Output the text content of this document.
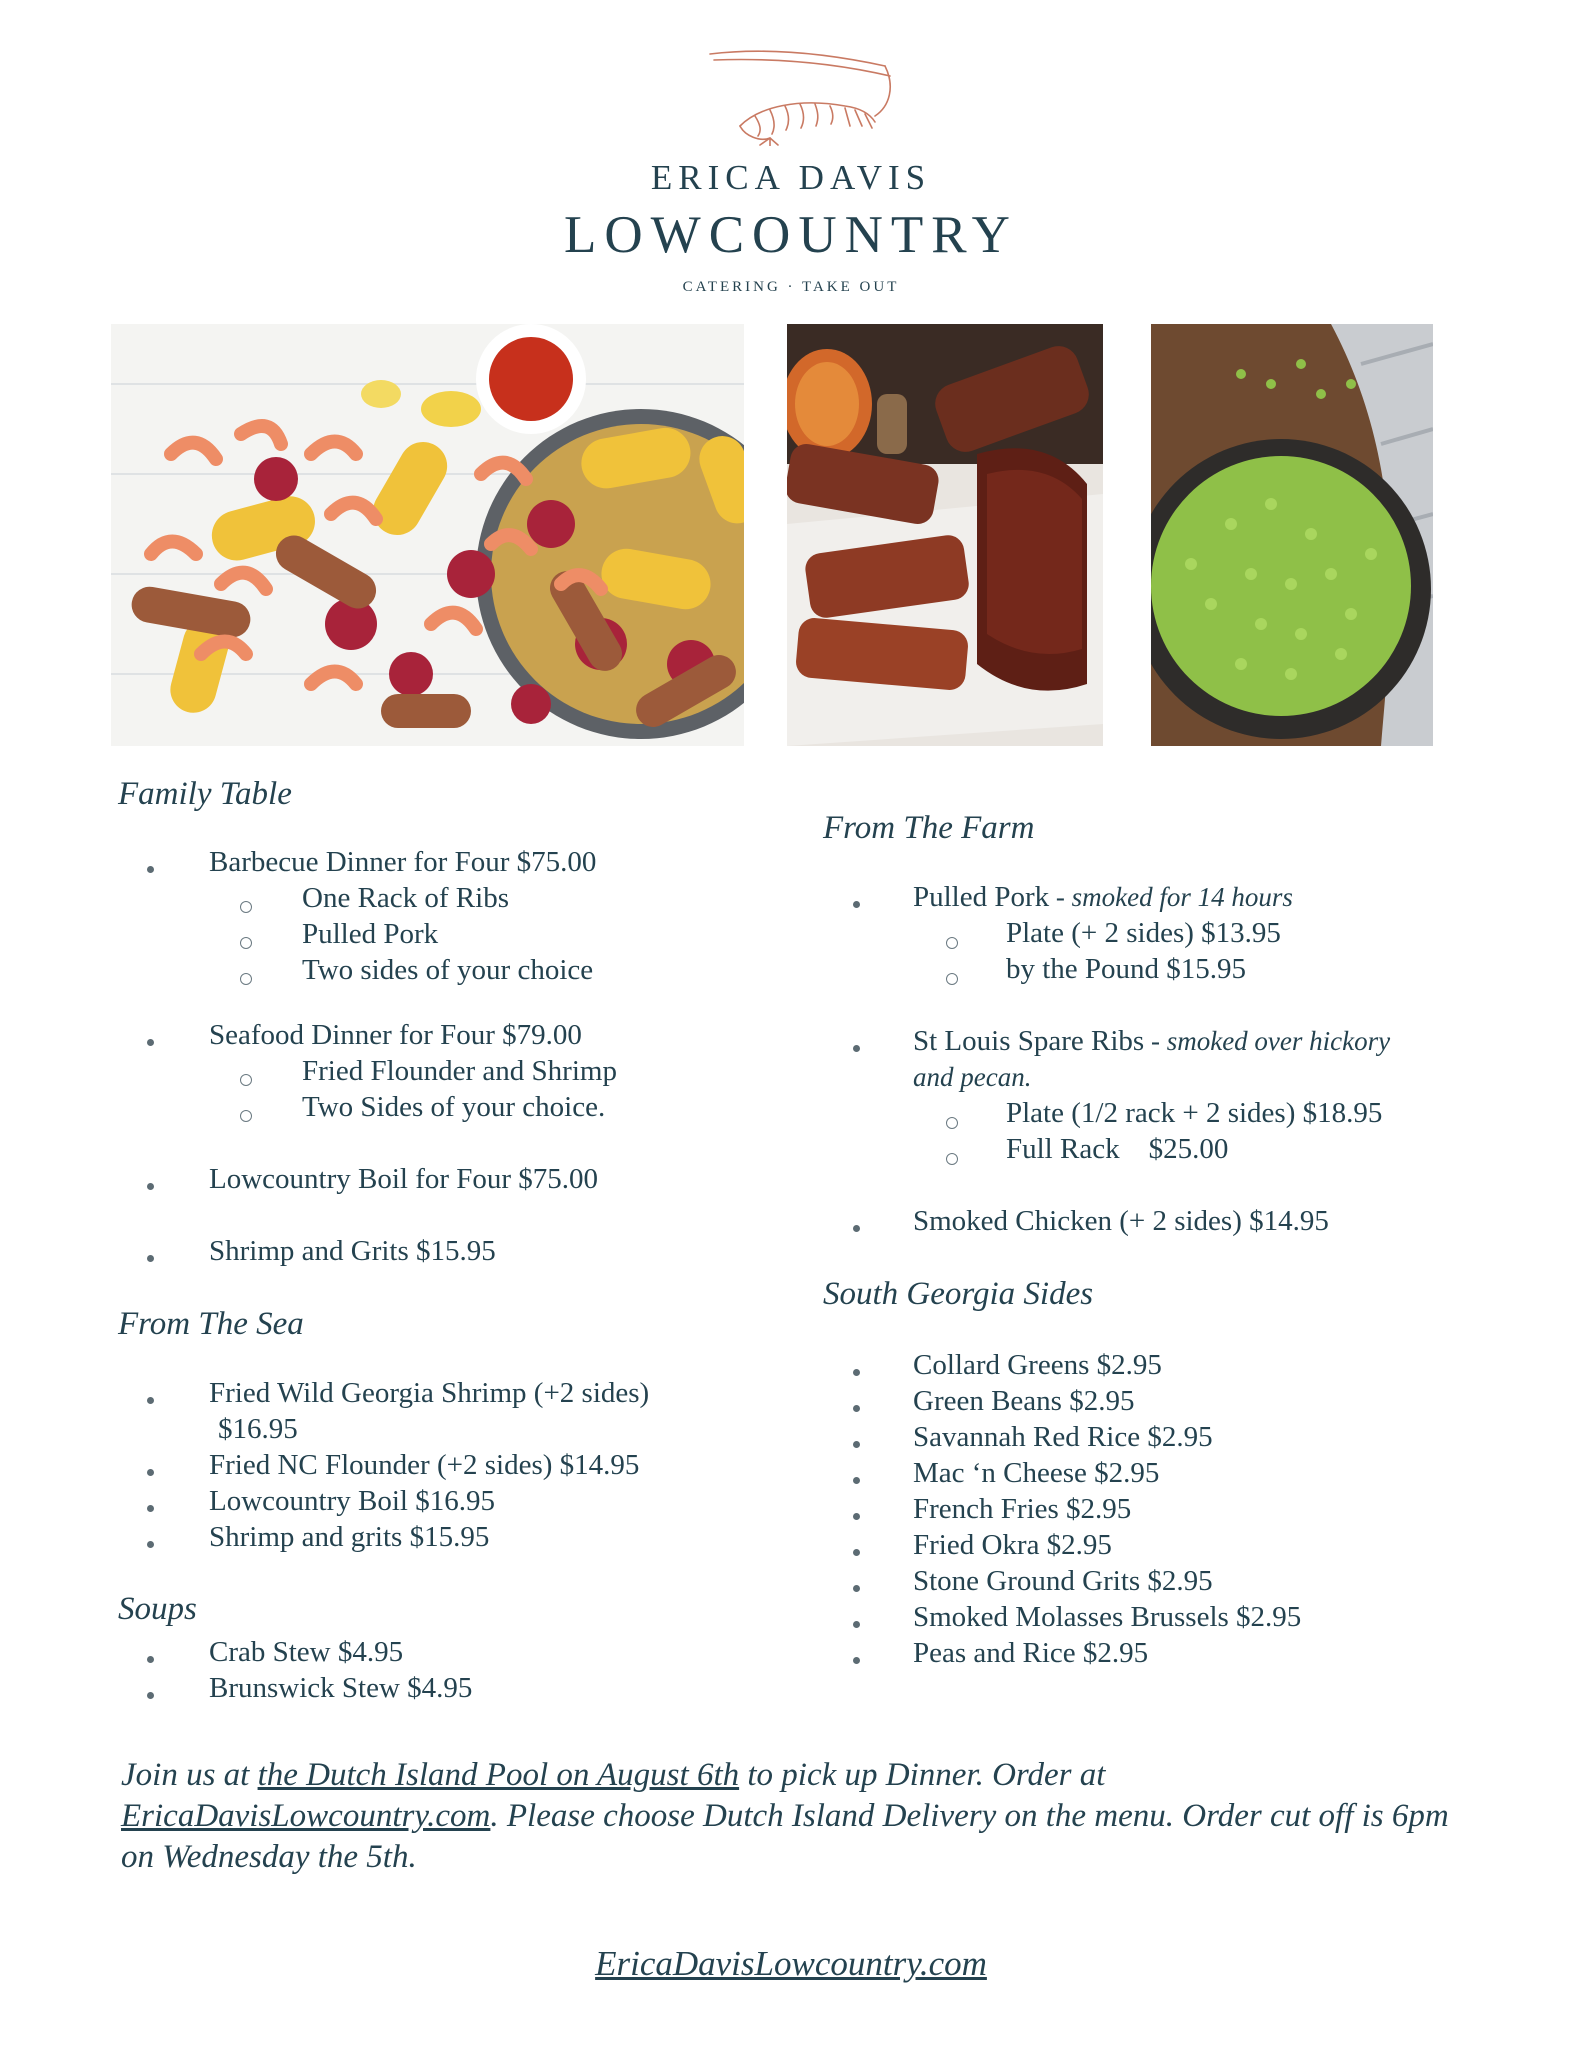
ERICA DAVIS
LOWCOUNTRY
CATERING · TAKE OUT
Family Table
Barbecue Dinner for Four $75.00
One Rack of Ribs
Pulled Pork
Two sides of your choice
Seafood Dinner for Four $79.00
Fried Flounder and Shrimp
Two Sides of your choice.
Lowcountry Boil for Four $75.00
Shrimp and Grits $15.95
From The Sea
Fried Wild Georgia Shrimp (+2 sides)
$16.95
Fried NC Flounder (+2 sides) $14.95
Lowcountry Boil $16.95
Shrimp and grits $15.95
Soups
Crab Stew $4.95
Brunswick Stew $4.95
From The Farm
Pulled Pork - smoked for 14 hours
Plate (+ 2 sides) $13.95
by the Pound $15.95
St Louis Spare Ribs - smoked over hickory
and pecan.
Plate (1/2 rack + 2 sides) $18.95
Full Rack    $25.00
Smoked Chicken (+ 2 sides) $14.95
South Georgia Sides
Collard Greens $2.95
Green Beans $2.95
Savannah Red Rice $2.95
Mac ‘n Cheese $2.95
French Fries $2.95
Fried Okra $2.95
Stone Ground Grits $2.95
Smoked Molasses Brussels $2.95
Peas and Rice $2.95
Join us at the Dutch Island Pool on August 6th to pick up Dinner. Order at EricaDavisLowcountry.com. Please choose Dutch Island Delivery on the menu. Order cut off is 6pm on Wednesday the 5th.
EricaDavisLowcountry.com
